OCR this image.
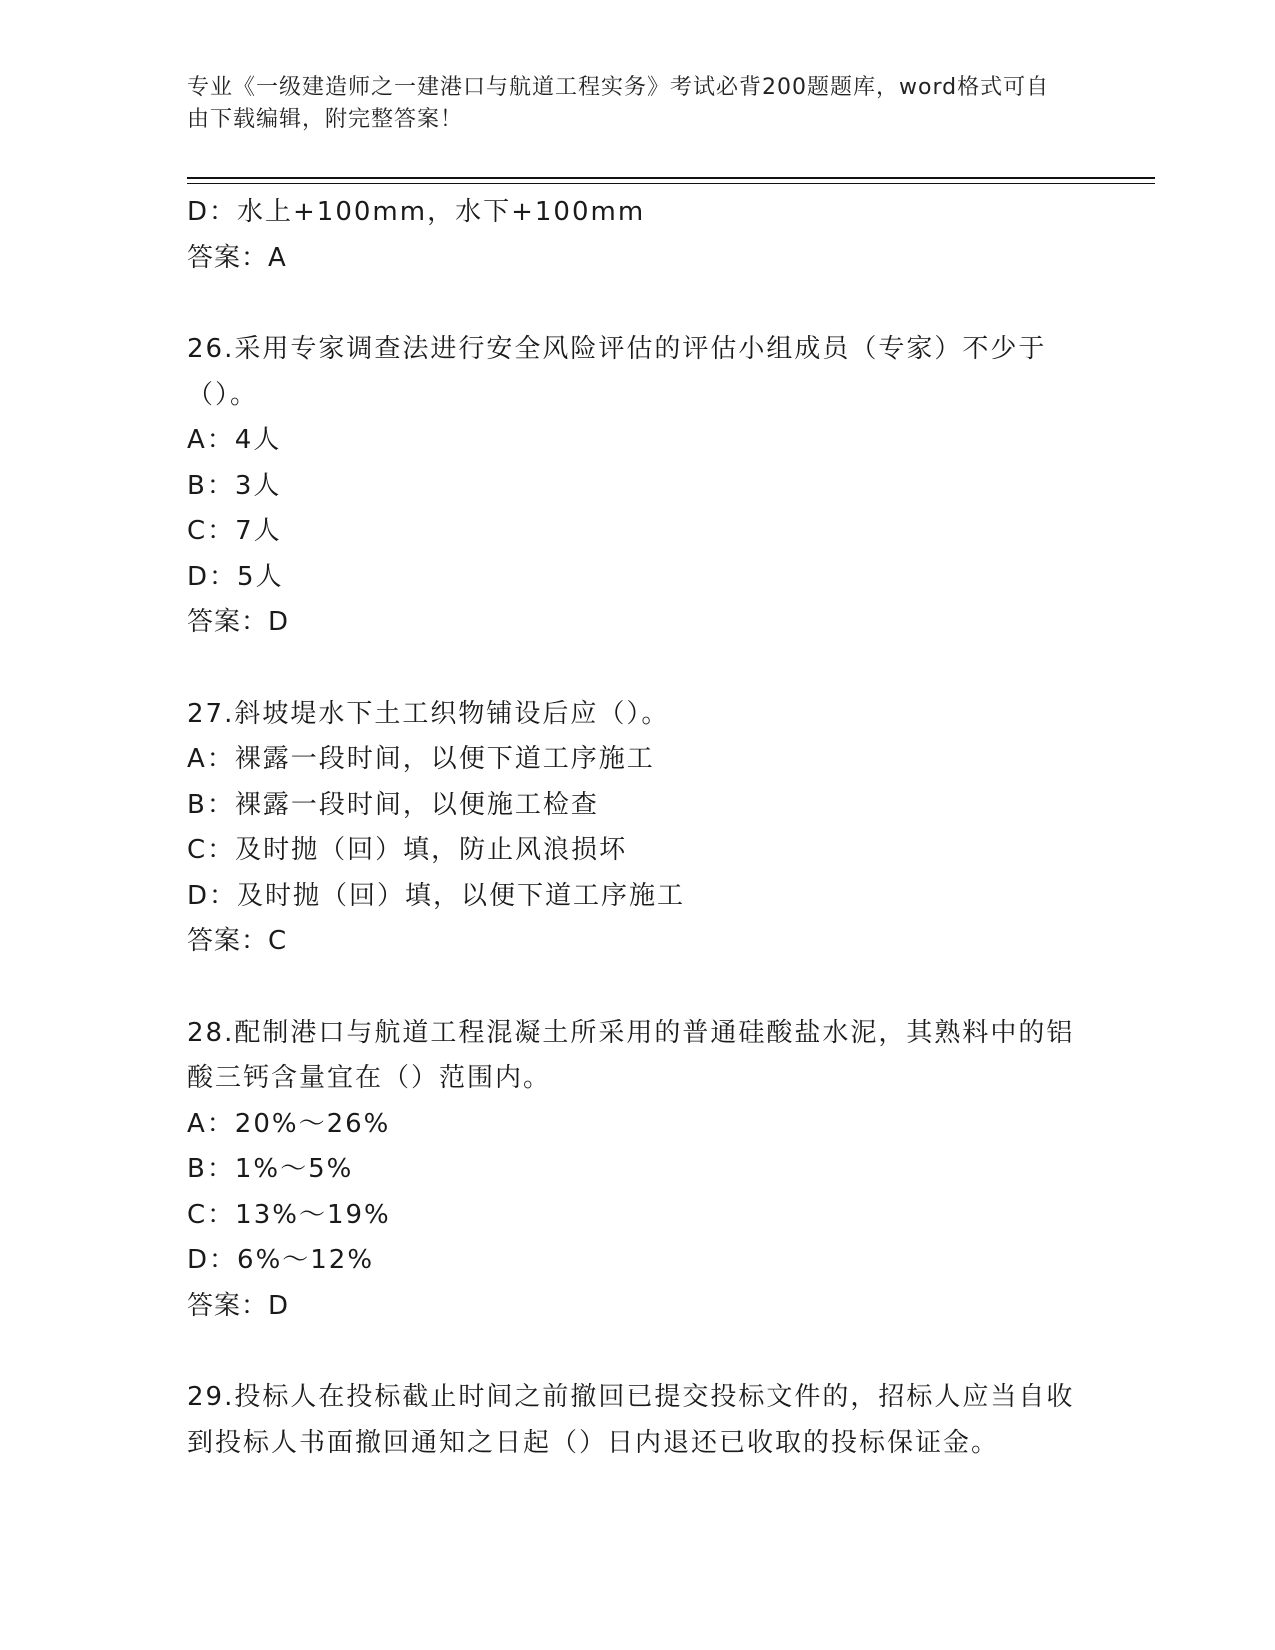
专业《一级建造师之一建港口与航道工程实务》考试必背200题题库，word格式可自由下载编辑，附完整答案！
D：水上+100mm，水下+100mm
答案：A
26.采用专家调查法进行安全风险评估的评估小组成员（专家）不少于（）。
A：4人
B：3人
C：7人
D：5人
答案：D
27.斜坡堤水下土工织物铺设后应（）。
A：裸露一段时间，以便下道工序施工
B：裸露一段时间，以便施工检查
C：及时抛（回）填，防止风浪损坏
D：及时抛（回）填，以便下道工序施工
答案：C
28.配制港口与航道工程混凝土所采用的普通硅酸盐水泥，其熟料中的铝酸三钙含量宜在（）范围内。
A：20%～26%
B：1%～5%
C：13%～19%
D：6%～12%
答案：D
29.投标人在投标截止时间之前撤回已提交投标文件的，招标人应当自收到投标人书面撤回通知之日起（）日内退还已收取的投标保证金。
